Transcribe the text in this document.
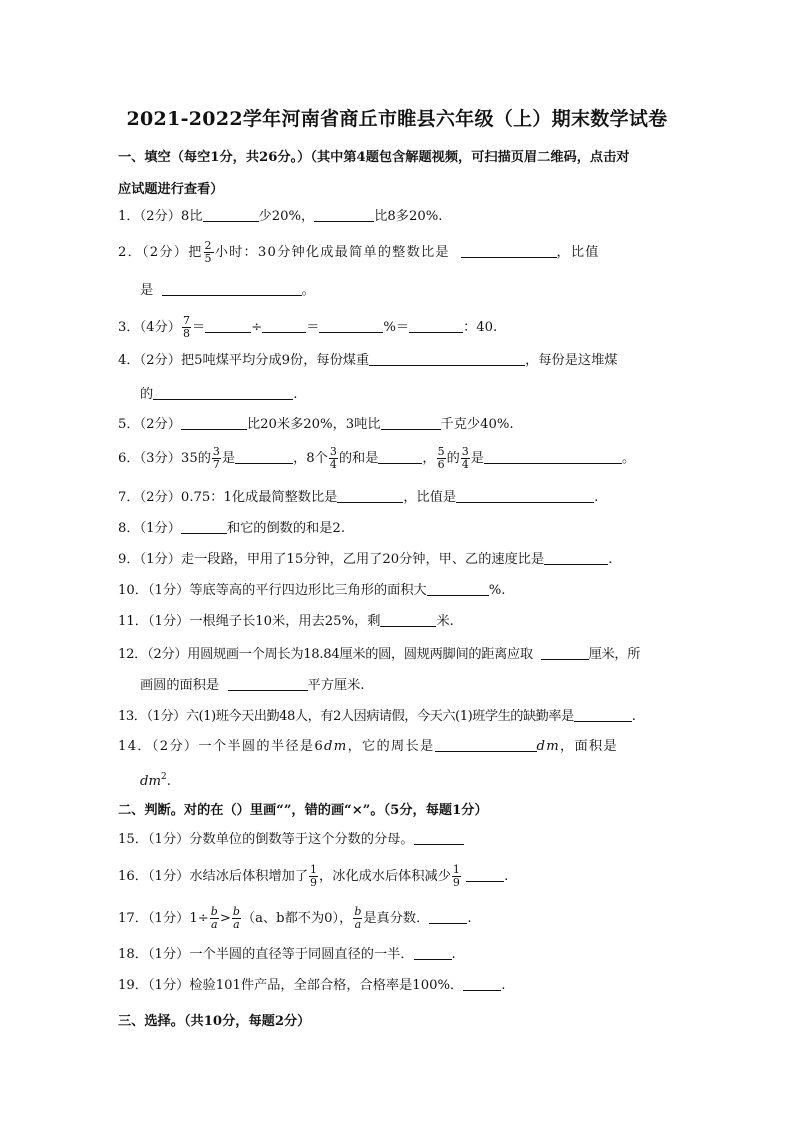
2021-2022学年河南省商丘市睢县六年级（上）期末数学试卷
一、填空（每空1分，共26分。）（其中第4题包含解题视频，可扫描页眉二维码，点击对
应试题进行查看）
1．（2分）8比	少20%，	比8多20%.
2．（2分）把 $\frac{2}{5}$ 小时：30分钟化成最简单的整数比是	，比值
是	。
3．（4分） $\frac{7}{8}$ ＝	÷	＝	%＝	：40.
4．（2分）把5吨煤平均分成9份，每份煤重	，每份是这堆煤
的	.
5．（2分）	比20米多20%，3吨比	千克少40%.
6．（3分）35的 $\frac{3}{7}$ 是	，8个 $\frac{3}{4}$ 的和是	， $\frac{5}{6}$ 的 $\frac{3}{4}$ 是	。
7．（2分）0.75：1化成最简整数比是	，比值是	.
8．（1分）	和它的倒数的和是2.
9．（1分）走一段路，甲用了15分钟，乙用了20分钟，甲、乙的速度比是	.
10．（1分）等底等高的平行四边形比三角形的面积大	%.
11．（1分）一根绳子长10米，用去25%，剩	米.
12．（2分）用圆规画一个周长为18.84厘米的圆，圆规两脚间的距离应取	厘米，所
画圆的面积是	平方厘米.
13．（1分）六(1)班今天出勤48人，有2人因病请假，今天六(1)班学生的缺勤率是	.
14．（2分）一个半圆的半径是6dm，它的周长是	dm，面积是
$dm^2$.
二、判断。对的在（）里画“”，错的画“×”。（5分，每题1分）
15．（1分）分数单位的倒数等于这个分数的分母。
16．（1分）水结冰后体积增加了 $\frac{1}{9}$ ，冰化成水后体积减少 $\frac{1}{9}$	.
17．（1分）$1\div \frac{b}{a} > \frac{b}{a} (a$、b都不为0）， $\frac{b}{a}$ 是真分数．	.
18．（1分）一个半圆的直径等于同圆直径的一半．	.
19．（1分）检验101件产品，全部合格，合格率是100%．	.
三、选择。（共10分，每题2分）
